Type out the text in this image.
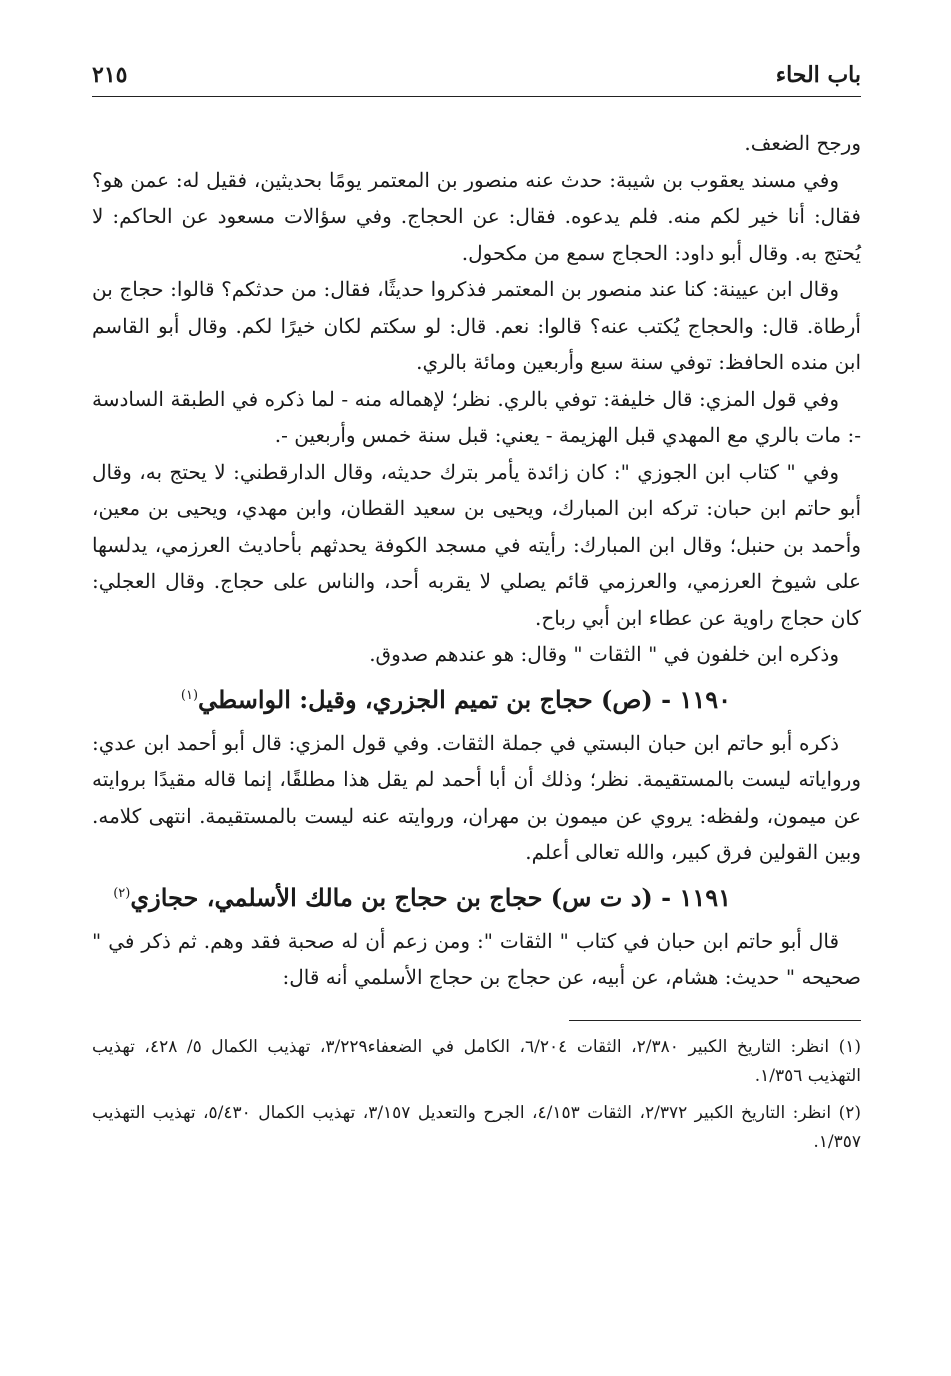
باب الحاء
٢١٥

ورجح الضعف.

وفي مسند يعقوب بن شيبة: حدث عنه منصور بن المعتمر يومًا بحديثين، فقيل له: عمن هو؟ فقال: أنا خير لكم منه. فلم يدعوه. فقال: عن الحجاج. وفي سؤالات مسعود عن الحاكم: لا يُحتج به. وقال أبو داود: الحجاج سمع من مكحول.

وقال ابن عيينة: كنا عند منصور بن المعتمر فذكروا حديثًا، فقال: من حدثكم؟ قالوا: حجاج بن أرطاة. قال: والحجاج يُكتب عنه؟ قالوا: نعم. قال: لو سكتم لكان خيرًا لكم. وقال أبو القاسم ابن منده الحافظ: توفي سنة سبع وأربعين ومائة بالري.

وفي قول المزي: قال خليفة: توفي بالري. نظر؛ لإهماله منه - لما ذكره في الطبقة السادسة -: مات بالري مع المهدي قبل الهزيمة - يعني: قبل سنة خمس وأربعين -.

وفي " كتاب ابن الجوزي ": كان زائدة يأمر بترك حديثه، وقال الدارقطني: لا يحتج به، وقال أبو حاتم ابن حبان: تركه ابن المبارك، ويحيى بن سعيد القطان، وابن مهدي، ويحيى بن معين، وأحمد بن حنبل؛ وقال ابن المبارك: رأيته في مسجد الكوفة يحدثهم بأحاديث العرزمي، يدلسها على شيوخ العرزمي، والعرزمي قائم يصلي لا يقربه أحد، والناس على حجاج. وقال العجلي: كان حجاج راوية عن عطاء ابن أبي رباح.

وذكره ابن خلفون في " الثقات " وقال: هو عندهم صدوق.

١١٩٠ - (ص) حجاج بن تميم الجزري، وقيل: الواسطي$^{(١)}$

ذكره أبو حاتم ابن حبان البستي في جملة الثقات. وفي قول المزي: قال أبو أحمد ابن عدي: ورواياته ليست بالمستقيمة. نظر؛ وذلك أن أبا أحمد لم يقل هذا مطلقًا، إنما قاله مقيدًا بروايته عن ميمون، ولفظه: يروي عن ميمون بن مهران، وروايته عنه ليست بالمستقيمة. انتهى كلامه. وبين القولين فرق كبير، والله تعالى أعلم.

١١٩١ - (د ت س) حجاج بن حجاج بن مالك الأسلمي، حجازي$^{(٢)}$

قال أبو حاتم ابن حبان في كتاب " الثقات ": ومن زعم أن له صحبة فقد وهم. ثم ذكر في " صحيحه " حديث: هشام، عن أبيه، عن حجاج بن حجاج الأسلمي أنه قال:

(١) انظر: التاريخ الكبير ٢/٣٨٠، الثقات ٦/٢٠٤، الكامل في الضعفاء٣/٢٢٩، تهذيب الكمال ٥/ ٤٢٨، تهذيب التهذيب ١/٣٥٦.

(٢) انظر: التاريخ الكبير ٢/٣٧٢، الثقات ٤/١٥٣، الجرح والتعديل ٣/١٥٧، تهذيب الكمال ٥/٤٣٠، تهذيب التهذيب ١/٣٥٧.
